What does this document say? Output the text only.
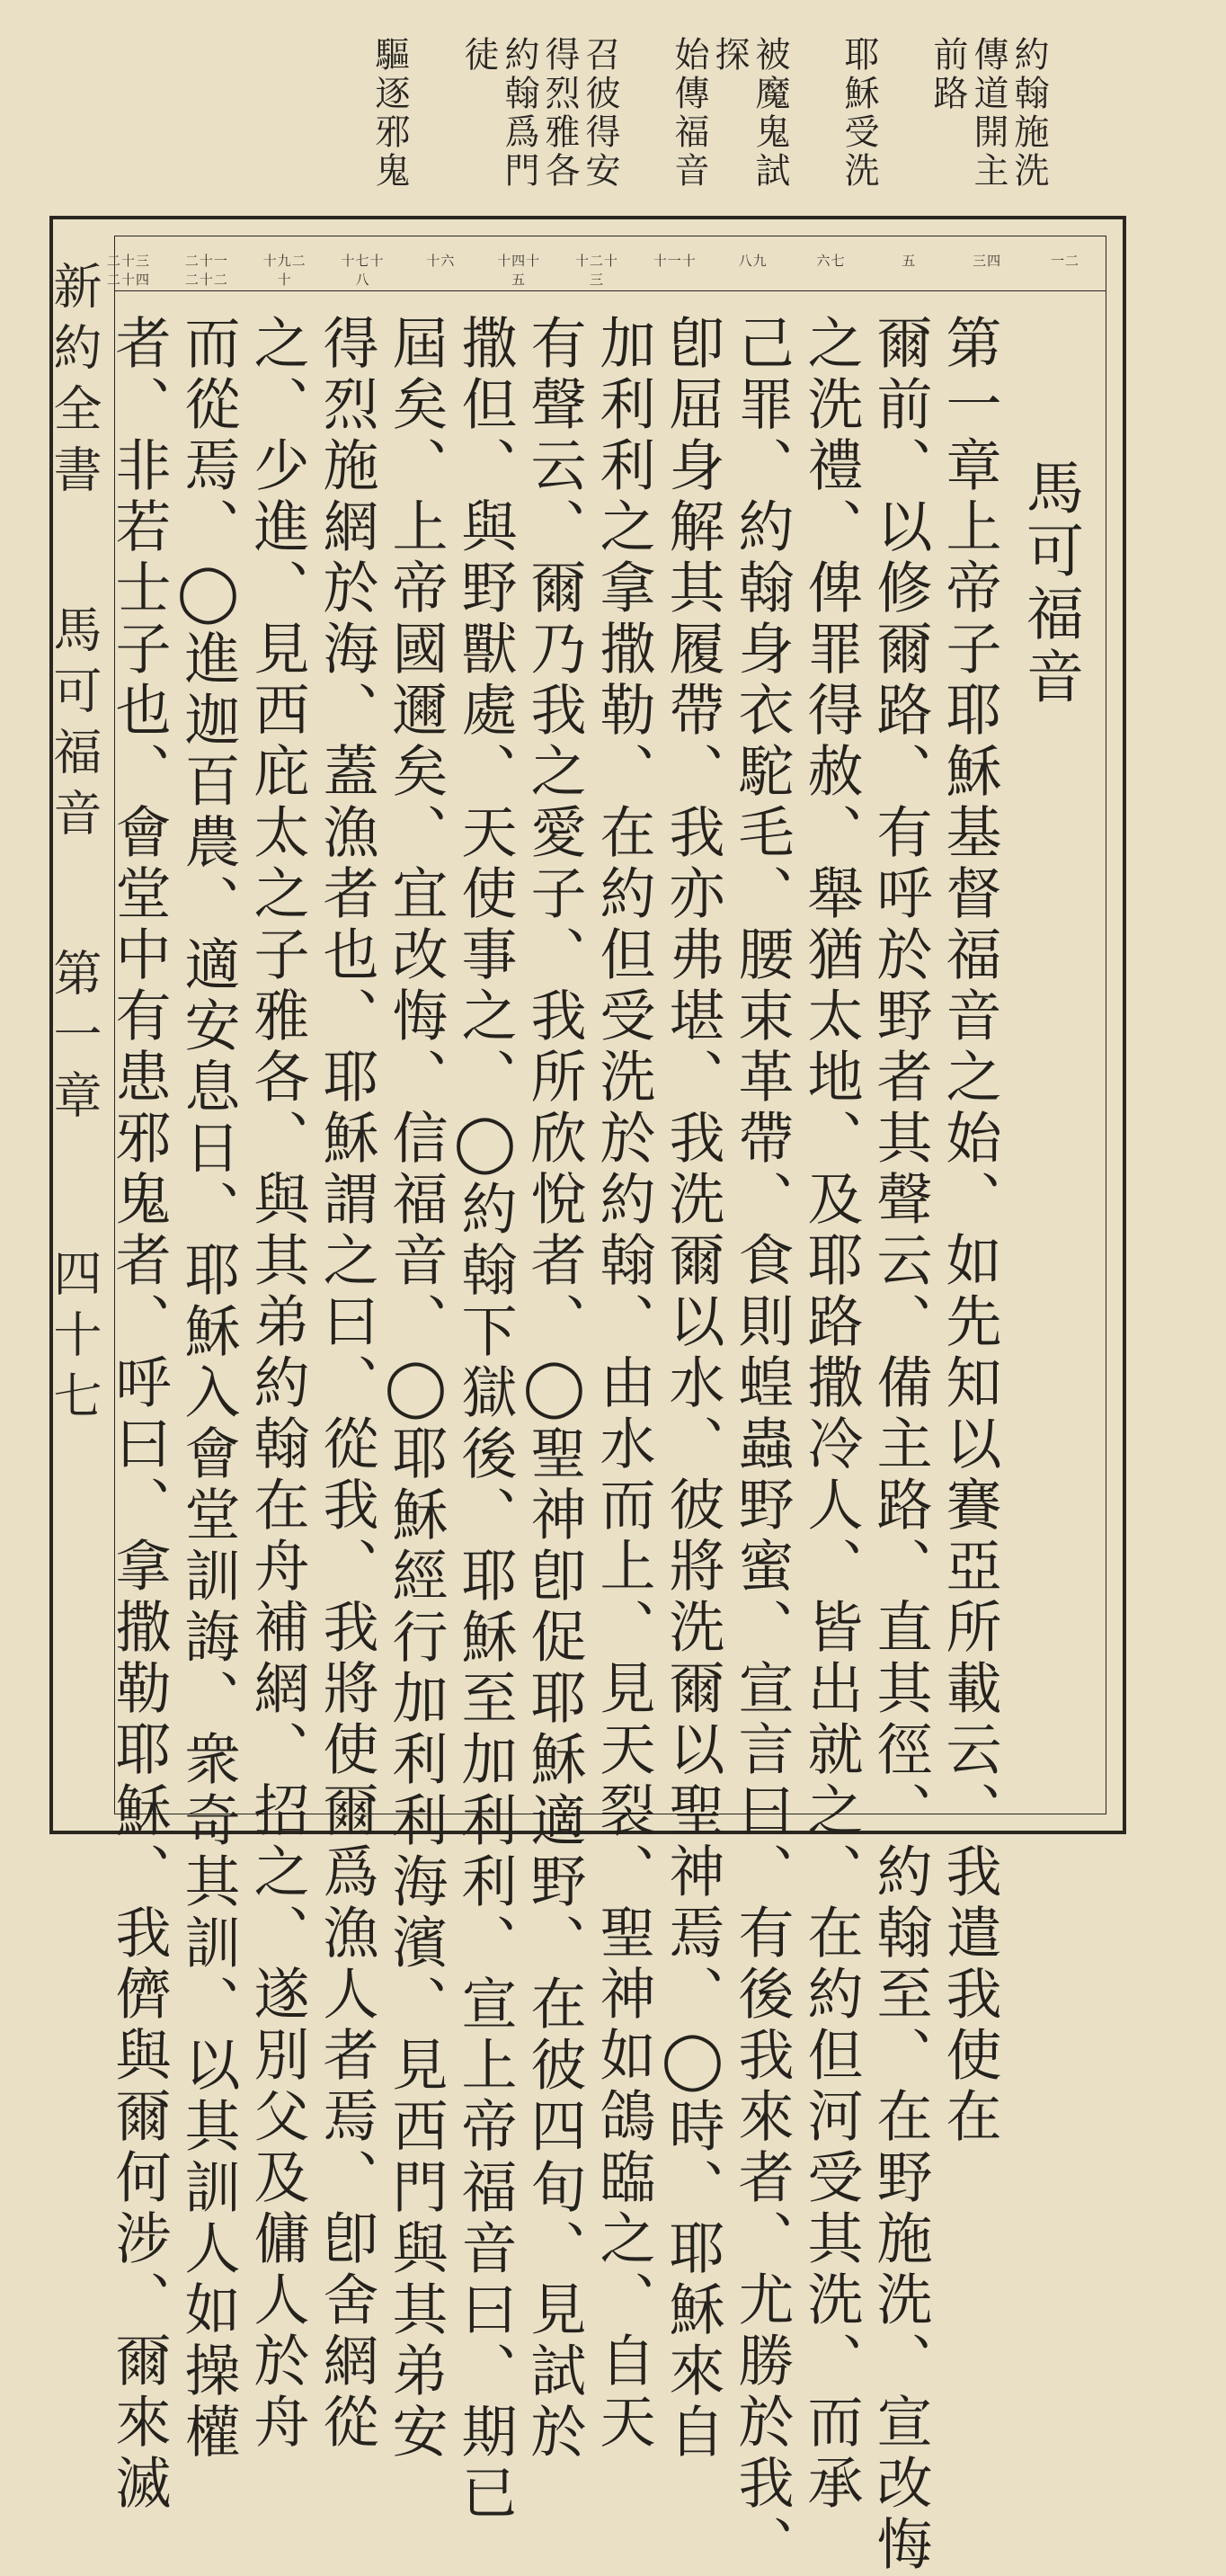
約翰施洗
傳道開主
前路
耶穌受洗
被魔鬼試
探
始傳福音
召彼得安
得烈雅各
約翰爲門
徒
驅逐邪鬼
一二
三四
五
六七
八九
十一十
十二十三
十四十五
十六
十七十八
十九二十
二十一二十二
二十三二十四
馬可福音
第一章上帝子耶穌基督福音之始、如先知以賽亞所載云、我遣我使在
爾前、以修爾路、有呼於野者其聲云、備主路、直其徑、約翰至、在野施洗、宣改悔
之洗禮、俾罪得赦、舉猶太地、及耶路撒冷人、皆出就之、在約但河受其洗、而承
己罪、約翰身衣駝毛、腰束革帶、食則蝗蟲野蜜、宣言曰、有後我來者、尤勝於我、
卽屈身解其履帶、我亦弗堪、我洗爾以水、彼將洗爾以聖神焉、◯時、耶穌來自
加利利之拿撒勒、在約但受洗於約翰、由水而上、見天裂、聖神如鴿臨之、自天
有聲云、爾乃我之愛子、我所欣悅者、◯聖神卽促耶穌適野、在彼四旬、見試於
撒但、與野獸處、天使事之、◯約翰下獄後、耶穌至加利利、宣上帝福音曰、期已
屆矣、上帝國邇矣、宜改悔、信福音、◯耶穌經行加利利海濱、見西門與其弟安
得烈施網於海、蓋漁者也、耶穌謂之曰、從我、我將使爾爲漁人者焉、卽舍網從
之、少進、見西庇太之子雅各、與其弟約翰在舟補網、招之、遂別父及傭人於舟
而從焉、◯進迦百農、適安息日、耶穌入會堂訓誨、衆奇其訓、以其訓人如操權
者、非若士子也、會堂中有患邪鬼者、呼曰、拿撒勒耶穌、我儕與爾何涉、爾來滅
新約全書
馬可福音
第一章
四十七
